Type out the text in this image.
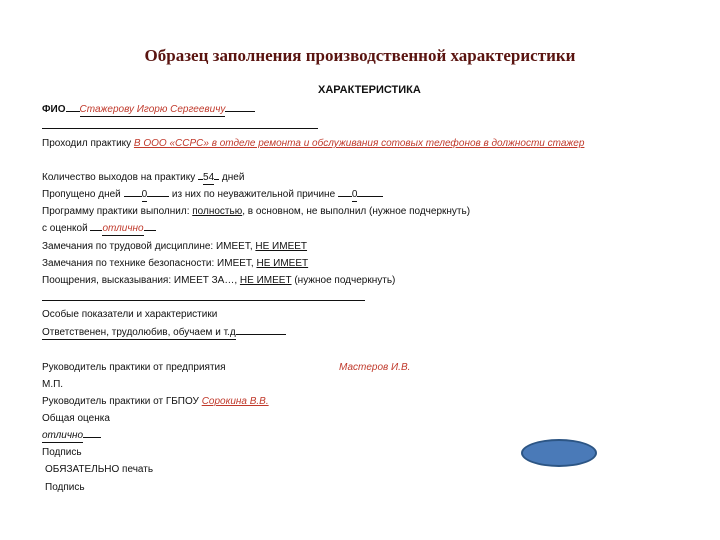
Образец заполнения производственной характеристики
ХАРАКТЕРИСТИКА
ФИО Стажерову Игорю Сергеевичу
Проходил практику В ООО «ССРС» в отделе ремонта и обслуживания сотовых телефонов в должности стажер
Количество выходов на практику 54 дней
Пропущено дней 0 из них по неуважительной причине 0
Программу практики выполнил: полностью, в основном, не выполнил (нужное подчеркнуть)
с оценкой отлично
Замечания по трудовой дисциплине: ИМЕЕТ, НЕ ИМЕЕТ
Замечания по технике безопасности: ИМЕЕТ, НЕ ИМЕЕТ
Поощрения, высказывания: ИМЕЕТ ЗА…, НЕ ИМЕЕТ (нужное подчеркнуть)
Особые показатели и характеристики
Ответственен, трудолюбив, обучаем и т.д
Руководитель практики от предприятия	Мастеров И.В.
М.П.
Руководитель практики от ГБПОУ Сорокина В.В.
Общая оценка
отлично
Подпись
ОБЯЗАТЕЛЬНО печать
Подпись
